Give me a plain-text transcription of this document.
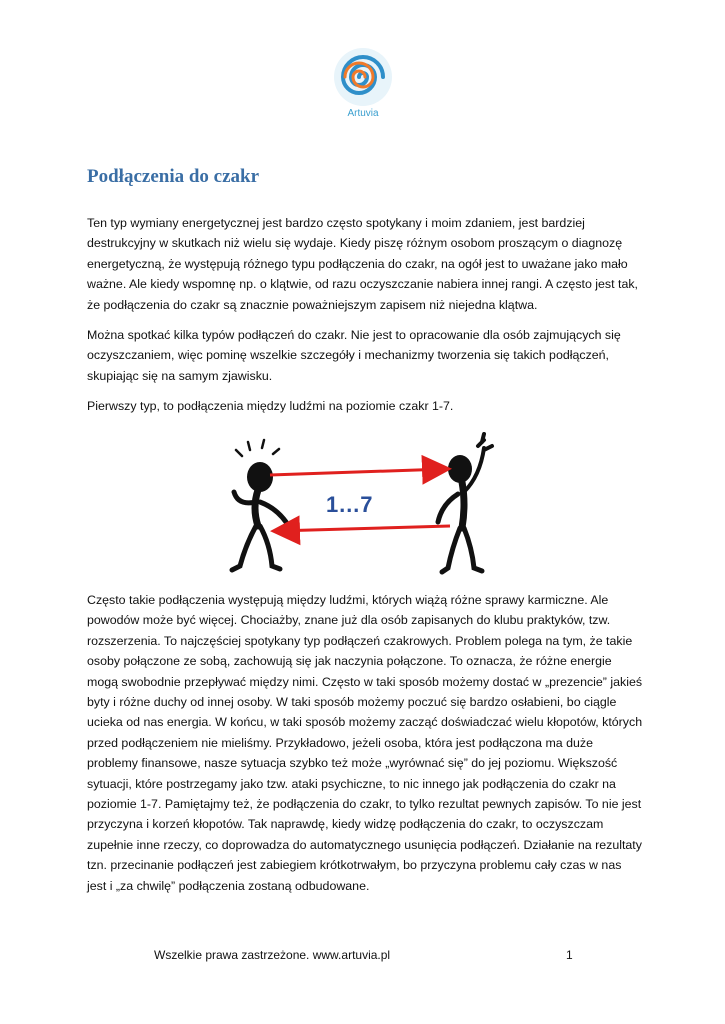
Artuvia
Podłączenia do czakr

Ten typ wymiany energetycznej jest bardzo często spotykany i moim zdaniem, jest bardziej destrukcyjny w skutkach niż wielu się wydaje. Kiedy piszę różnym osobom proszącym o diagnozę energetyczną, że występują różnego typu podłączenia do czakr, na ogół jest to uważane jako mało ważne. Ale kiedy wspomnę np. o klątwie, od razu oczyszczanie nabiera innej rangi. A często jest tak, że podłączenia do czakr są znacznie poważniejszym zapisem niż niejedna klątwa.

Można spotkać kilka typów podłączeń do czakr. Nie jest to opracowanie dla osób zajmujących się oczyszczaniem, więc pominę wszelkie szczegóły i mechanizmy tworzenia się takich podłączeń, skupiając się na samym zjawisku.

Pierwszy typ, to podłączenia między ludźmi na poziomie czakr 1-7.

1…7

Często takie podłączenia występują między ludźmi, których wiążą różne sprawy karmiczne. Ale powodów może być więcej. Chociażby, znane już dla osób zapisanych do klubu praktyków, tzw. rozszerzenia. To najczęściej spotykany typ podłączeń czakrowych. Problem polega na tym, że takie osoby połączone ze sobą, zachowują się jak naczynia połączone. To oznacza, że różne energie mogą swobodnie przepływać między nimi. Często w taki sposób możemy dostać w „prezencie” jakieś byty i różne duchy od innej osoby. W taki sposób możemy poczuć się bardzo osłabieni, bo ciągle ucieka od nas energia. W końcu, w taki sposób możemy zacząć doświadczać wielu kłopotów, których przed podłączeniem nie mieliśmy. Przykładowo, jeżeli osoba, która jest podłączona ma duże problemy finansowe, nasze sytuacja szybko też może „wyrównać się” do jej poziomu. Większość sytuacji, które postrzegamy jako tzw. ataki psychiczne, to nic innego jak podłączenia do czakr na poziomie 1-7. Pamiętajmy też, że podłączenia do czakr, to tylko rezultat pewnych zapisów. To nie jest przyczyna i korzeń kłopotów. Tak naprawdę, kiedy widzę podłączenia do czakr, to oczyszczam zupełnie inne rzeczy, co doprowadza do automatycznego usunięcia podłączeń. Działanie na rezultaty tzn. przecinanie podłączeń jest zabiegiem krótkotrwałym, bo przyczyna problemu cały czas w nas jest i „za chwilę” podłączenia zostaną odbudowane.

Wszelkie prawa zastrzeżone. www.artuvia.pl	1
